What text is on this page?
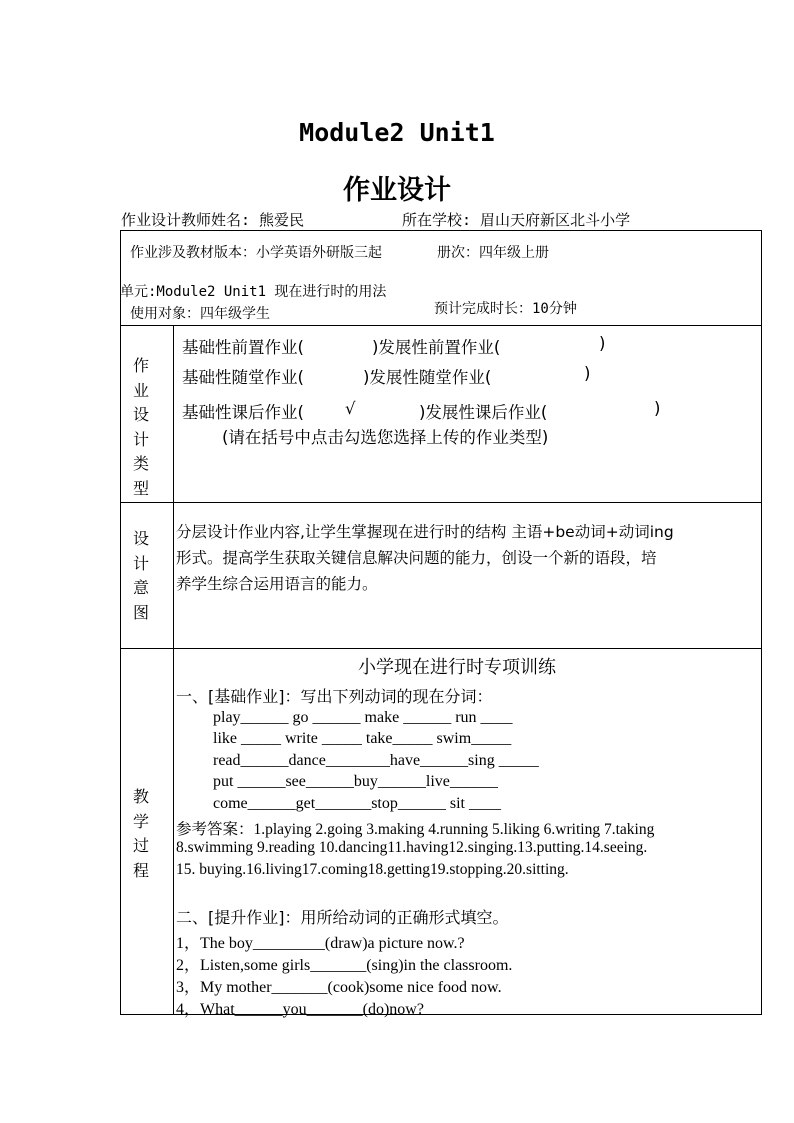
Module2 Unit1
作业设计
作业设计教师姓名: 熊爱民	所在学校: 眉山天府新区北斗小学
作业涉及教材版本：小学英语外研版三起	册次：四年级上册
单元:Module2 Unit1 现在进行时的用法
使用对象：四年级学生	预计完成时长：10分钟
作
业
设
计
类
型
基础性前置作业(	)发展性前置作业(	)
基础性随堂作业(	)发展性随堂作业(	)
基础性课后作业( √	)发展性课后作业(	)
(请在括号中点击勾选您选择上传的作业类型)
设
计
意
图
分层设计作业内容,让学生掌握现在进行时的结构 主语+be动词+动词ing
形式。提高学生获取关键信息解决问题的能力，创设一个新的语段，培
养学生综合运用语言的能力。
教
学
过
程
小学现在进行时专项训练
一、[基础作业]：写出下列动词的现在分词：
play______ go ______ make ______ run ____
like _____ write _____ take_____ swim_____
read______dance________have______sing _____
put ______see______buy______live______
come______get_______stop______ sit ____
参考答案：1.playing 2.going 3.making 4.running 5.liking 6.writing 7.taking
8.swimming 9.reading 10.dancing11.having12.singing.13.putting.14.seeing.
15. buying.16.living17.coming18.getting19.stopping.20.sitting.
二、[提升作业]：用所给动词的正确形式填空。
1，The boy_________(draw)a picture now.?
2，Listen,some girls_______(sing)in the classroom.
3，My mother_______(cook)some nice food now.
4，What______you_______(do)now?
